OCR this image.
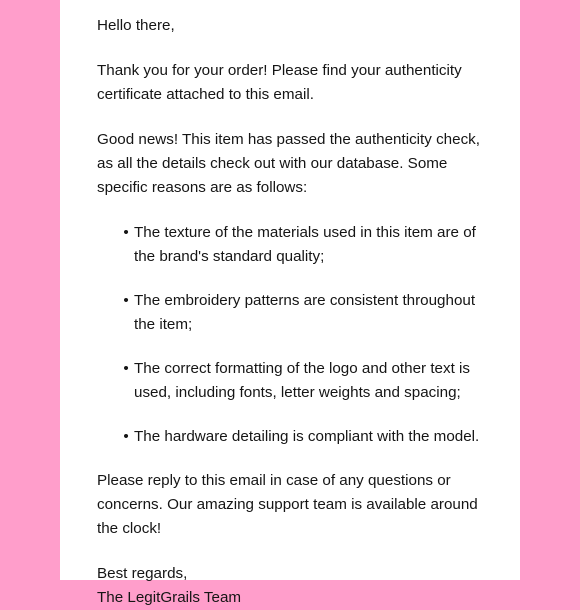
Hello there,

Thank you for your order! Please find your authenticity certificate attached to this email.

Good news! This item has passed the authenticity check, as all the details check out with our database. Some specific reasons are as follows:

• The texture of the materials used in this item are of the brand's standard quality;
• The embroidery patterns are consistent throughout the item;
• The correct formatting of the logo and other text is used, including fonts, letter weights and spacing;
• The hardware detailing is compliant with the model.

Please reply to this email in case of any questions or concerns. Our amazing support team is available around the clock!

Best regards,
The LegitGrails Team
